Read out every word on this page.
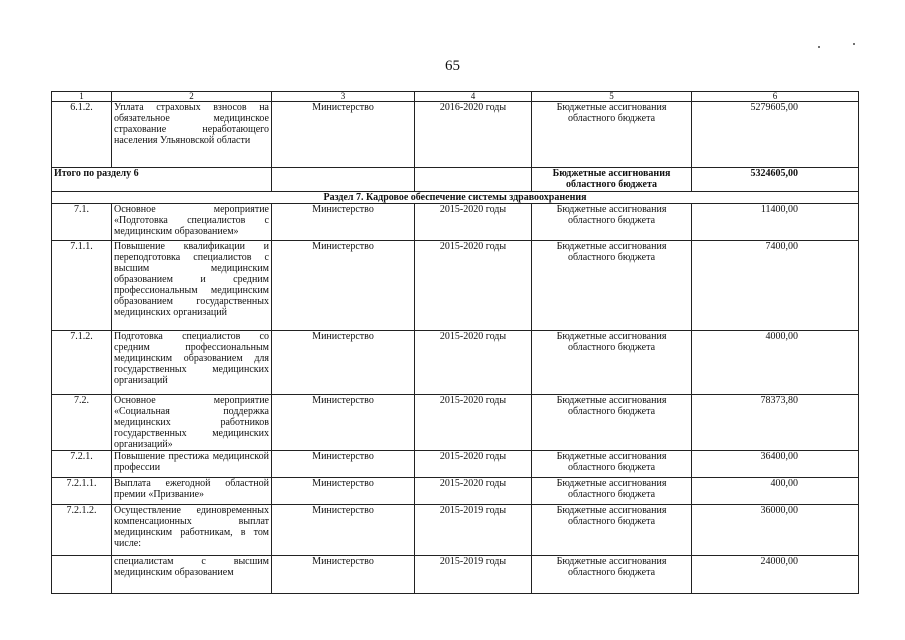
65
1	2	3	4	5	6
6.1.2.	Уплата страховых взносов на обязательное медицинское страхование неработающего населения Ульяновской области	Министерство	2016-2020 годы	Бюджетные ассигнования областного бюджета	5279605,00
Итого по разделу 6				Бюджетные ассигнования областного бюджета	5324605,00
Раздел 7. Кадровое обеспечение системы здравоохранения					
7.1.	Основное мероприятие «Подготовка специалистов с медицинским образованием»	Министерство	2015-2020 годы	Бюджетные ассигнования областного бюджета	11400,00
7.1.1.	Повышение квалификации и переподготовка специалистов с высшим медицинским образованием и средним профессиональным медицинским образованием государственных медицинских организаций	Министерство	2015-2020 годы	Бюджетные ассигнования областного бюджета	7400,00
7.1.2.	Подготовка специалистов со средним профессиональным медицинским образованием для государственных медицинских организаций	Министерство	2015-2020 годы	Бюджетные ассигнования областного бюджета	4000,00
7.2.	Основное мероприятие «Социальная поддержка медицинских работников государственных медицинских организаций»	Министерство	2015-2020 годы	Бюджетные ассигнования областного бюджета	78373,80
7.2.1.	Повышение престижа медицинской профессии	Министерство	2015-2020 годы	Бюджетные ассигнования областного бюджета	36400,00
7.2.1.1.	Выплата ежегодной областной премии «Призвание»	Министерство	2015-2020 годы	Бюджетные ассигнования областного бюджета	400,00
7.2.1.2.	Осуществление единовременных компенсационных выплат медицинским работникам, в том числе:	Министерство	2015-2019 годы	Бюджетные ассигнования областного бюджета	36000,00
	специалистам с высшим медицинским образованием	Министерство	2015-2019 годы	Бюджетные ассигнования областного бюджета	24000,00
